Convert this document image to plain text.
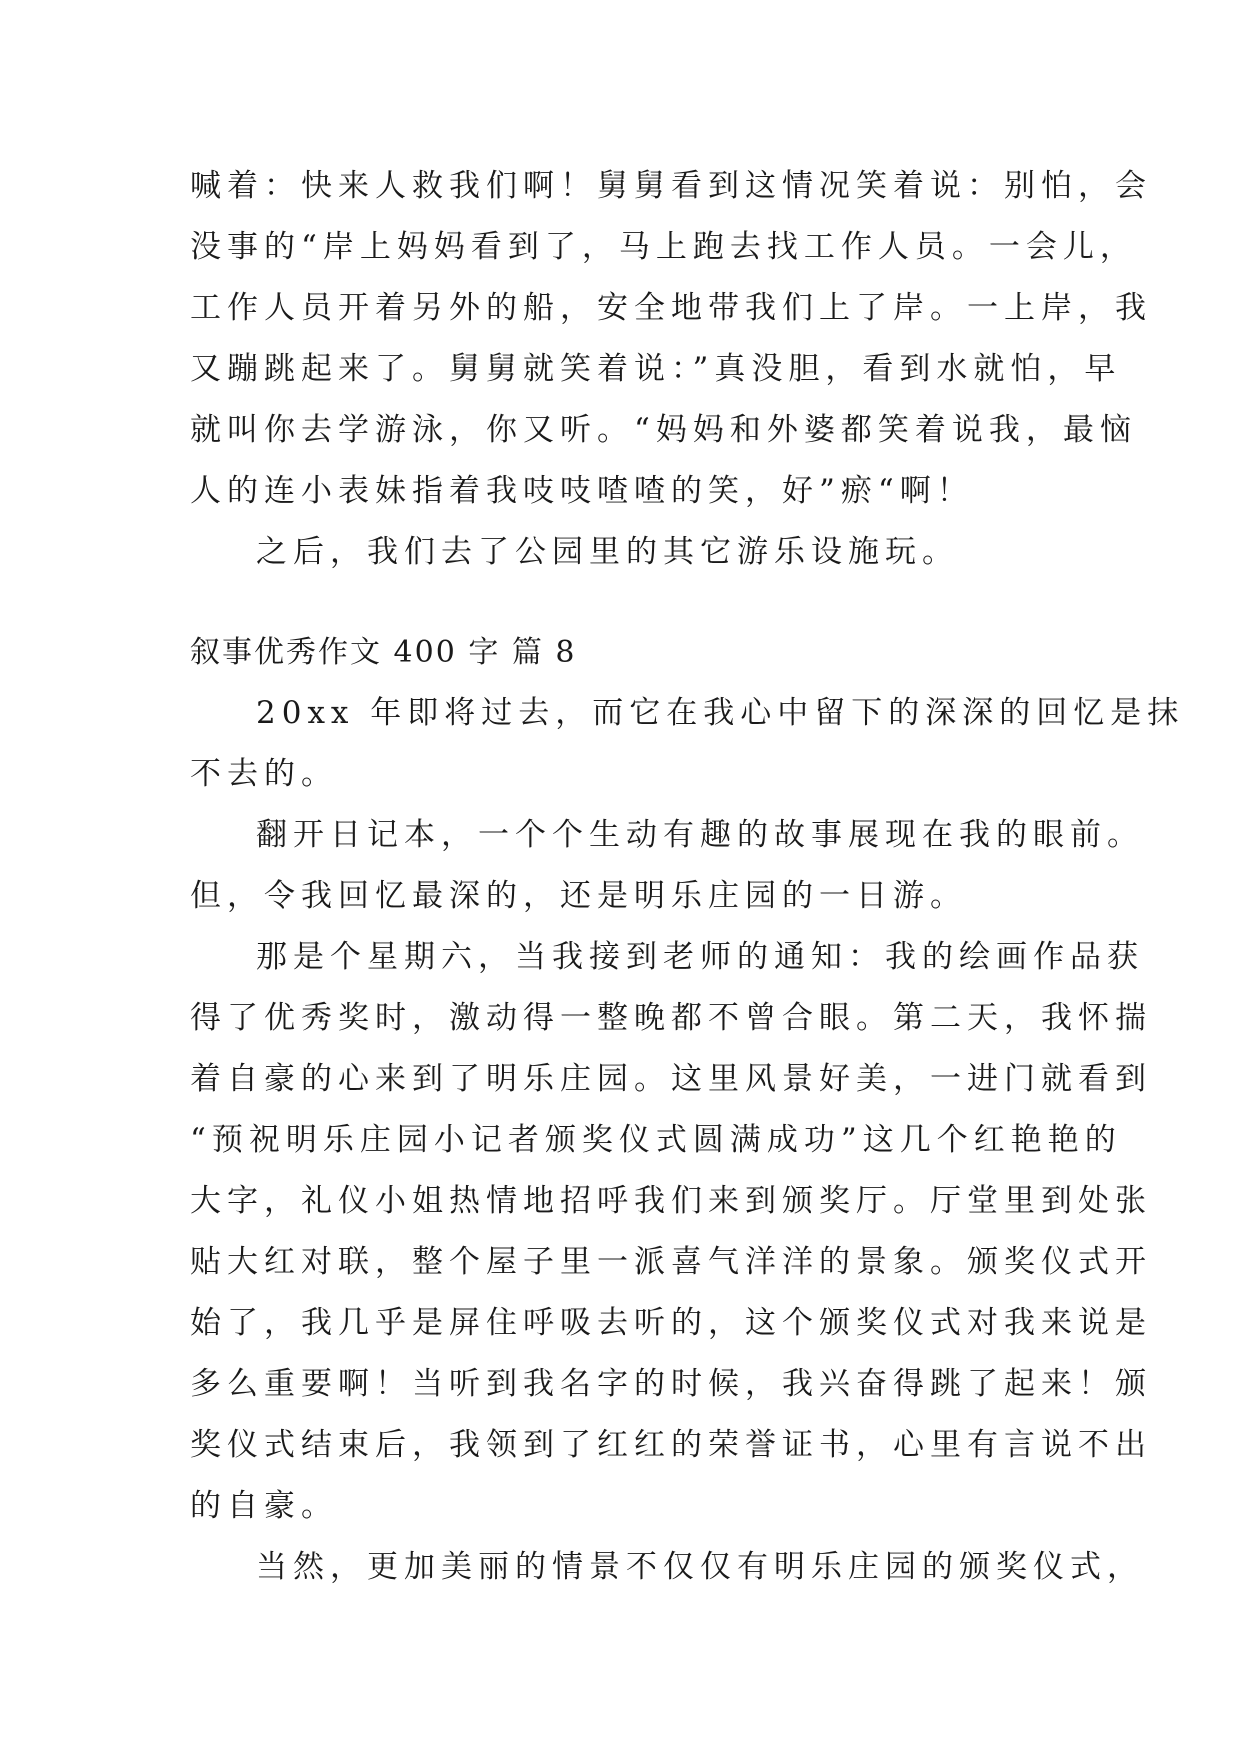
喊着：快来人救我们啊！舅舅看到这情况笑着说：别怕，会
没事的“岸上妈妈看到了，马上跑去找工作人员。一会儿，
工作人员开着另外的船，安全地带我们上了岸。一上岸，我
又蹦跳起来了。舅舅就笑着说：”真没胆，看到水就怕，早
就叫你去学游泳，你又听。“妈妈和外婆都笑着说我，最恼
人的连小表妹指着我吱吱喳喳的笑，好”瘀“啊！
之后，我们去了公园里的其它游乐设施玩。
叙事优秀作文 400 字 篇 8
20xx 年即将过去，而它在我心中留下的深深的回忆是抹
不去的。
翻开日记本，一个个生动有趣的故事展现在我的眼前。
但，令我回忆最深的，还是明乐庄园的一日游。
那是个星期六，当我接到老师的通知：我的绘画作品获
得了优秀奖时，激动得一整晚都不曾合眼。第二天，我怀揣
着自豪的心来到了明乐庄园。这里风景好美，一进门就看到
“预祝明乐庄园小记者颁奖仪式圆满成功”这几个红艳艳的
大字，礼仪小姐热情地招呼我们来到颁奖厅。厅堂里到处张
贴大红对联，整个屋子里一派喜气洋洋的景象。颁奖仪式开
始了，我几乎是屏住呼吸去听的，这个颁奖仪式对我来说是
多么重要啊！当听到我名字的时候，我兴奋得跳了起来！颁
奖仪式结束后，我领到了红红的荣誉证书，心里有言说不出
的自豪。
当然，更加美丽的情景不仅仅有明乐庄园的颁奖仪式，
